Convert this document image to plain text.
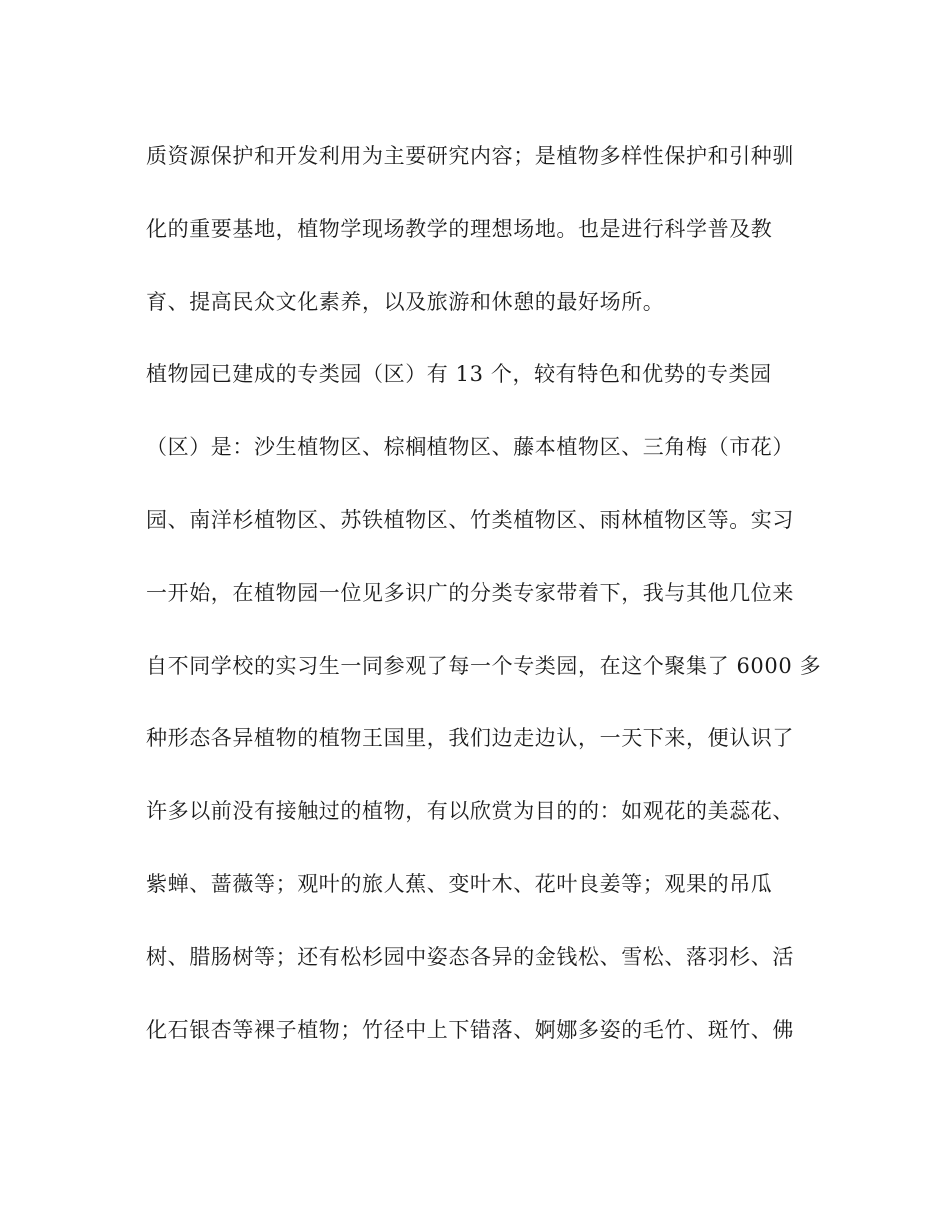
质资源保护和开发利用为主要研究内容；是植物多样性保护和引种驯
化的重要基地，植物学现场教学的理想场地。也是进行科学普及教
育、提高民众文化素养，以及旅游和休憩的最好场所。
植物园已建成的专类园（区）有 13 个，较有特色和优势的专类园
（区）是：沙生植物区、棕榈植物区、藤本植物区、三角梅（市花）
园、南洋杉植物区、苏铁植物区、竹类植物区、雨林植物区等。实习
一开始，在植物园一位见多识广的分类专家带着下，我与其他几位来
自不同学校的实习生一同参观了每一个专类园，在这个聚集了 6000 多
种形态各异植物的植物王国里，我们边走边认，一天下来，便认识了
许多以前没有接触过的植物，有以欣赏为目的的：如观花的美蕊花、
紫蝉、蔷薇等；观叶的旅人蕉、变叶木、花叶良姜等；观果的吊瓜
树、腊肠树等；还有松杉园中姿态各异的金钱松、雪松、落羽杉、活
化石银杏等裸子植物；竹径中上下错落、婀娜多姿的毛竹、斑竹、佛
